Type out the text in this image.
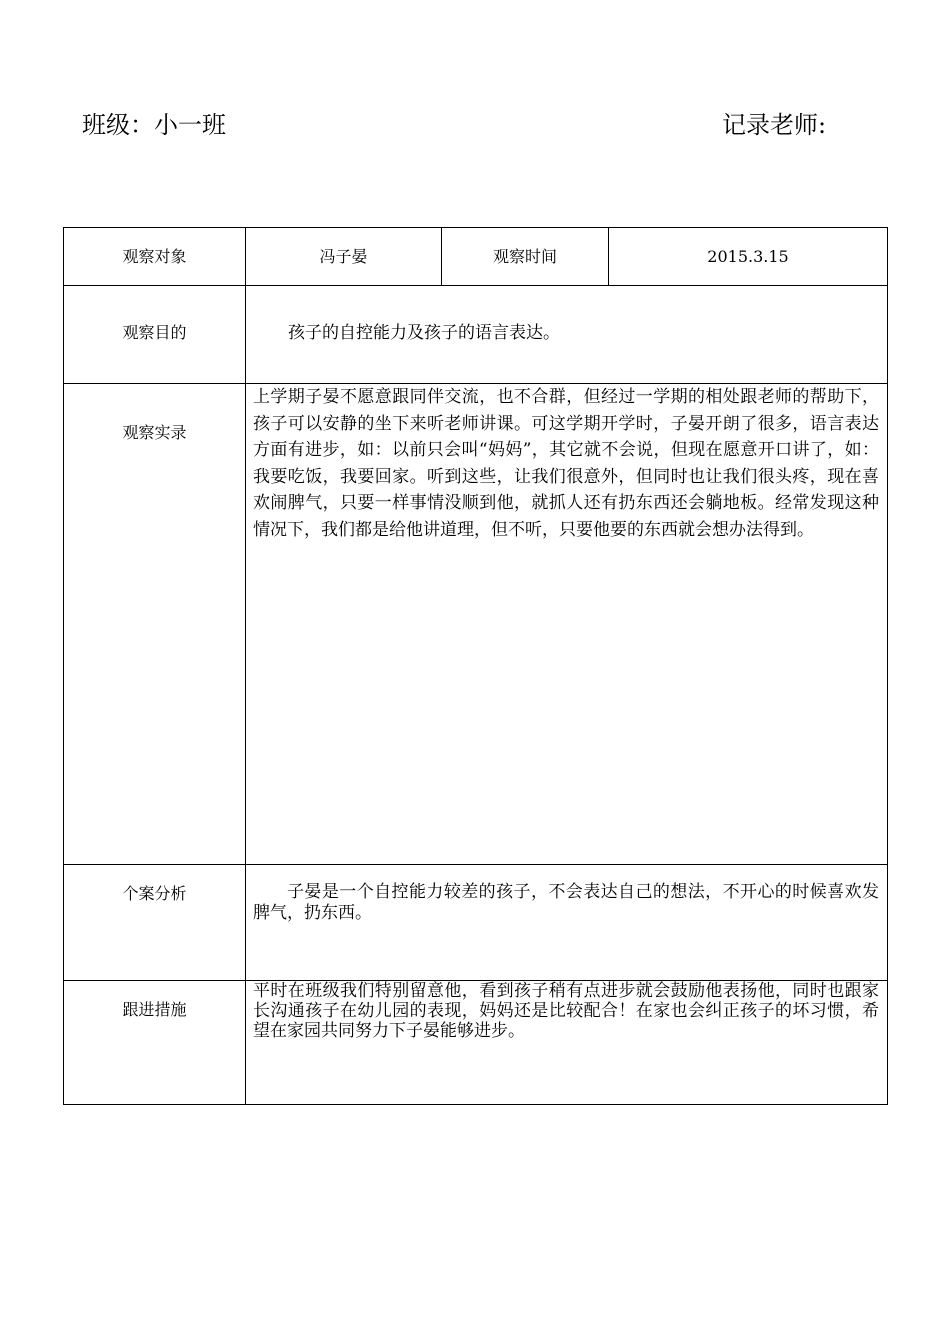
班级：小一班	记录老师:
观察对象	冯子晏	观察时间	2015.3.15

观察目的	孩子的自控能力及孩子的语言表达。		

观察实录	上学期子晏不愿意跟同伴交流，也不合群，但经过一学期的相处跟老师的帮助下，孩子可以安静的坐下来听老师讲课。可这学期开学时，子晏开朗了很多，语言表达方面有进步，如：以前只会叫“妈妈”，其它就不会说，但现在愿意开口讲了，如：我要吃饭，我要回家。听到这些，让我们很意外，但同时也让我们很头疼，现在喜欢闹脾气，只要一样事情没顺到他，就抓人还有扔东西还会躺地板。经常发现这种情况下，我们都是给他讲道理，但不听，只要他要的东西就会想办法得到。		

个案分析	子晏是一个自控能力较差的孩子，不会表达自己的想法，不开心的时候喜欢发脾气，扔东西。		

跟进措施	平时在班级我们特别留意他，看到孩子稍有点进步就会鼓励他表扬他，同时也跟家长沟通孩子在幼儿园的表现，妈妈还是比较配合！在家也会纠正孩子的坏习惯，希望在家园共同努力下子晏能够进步。		
